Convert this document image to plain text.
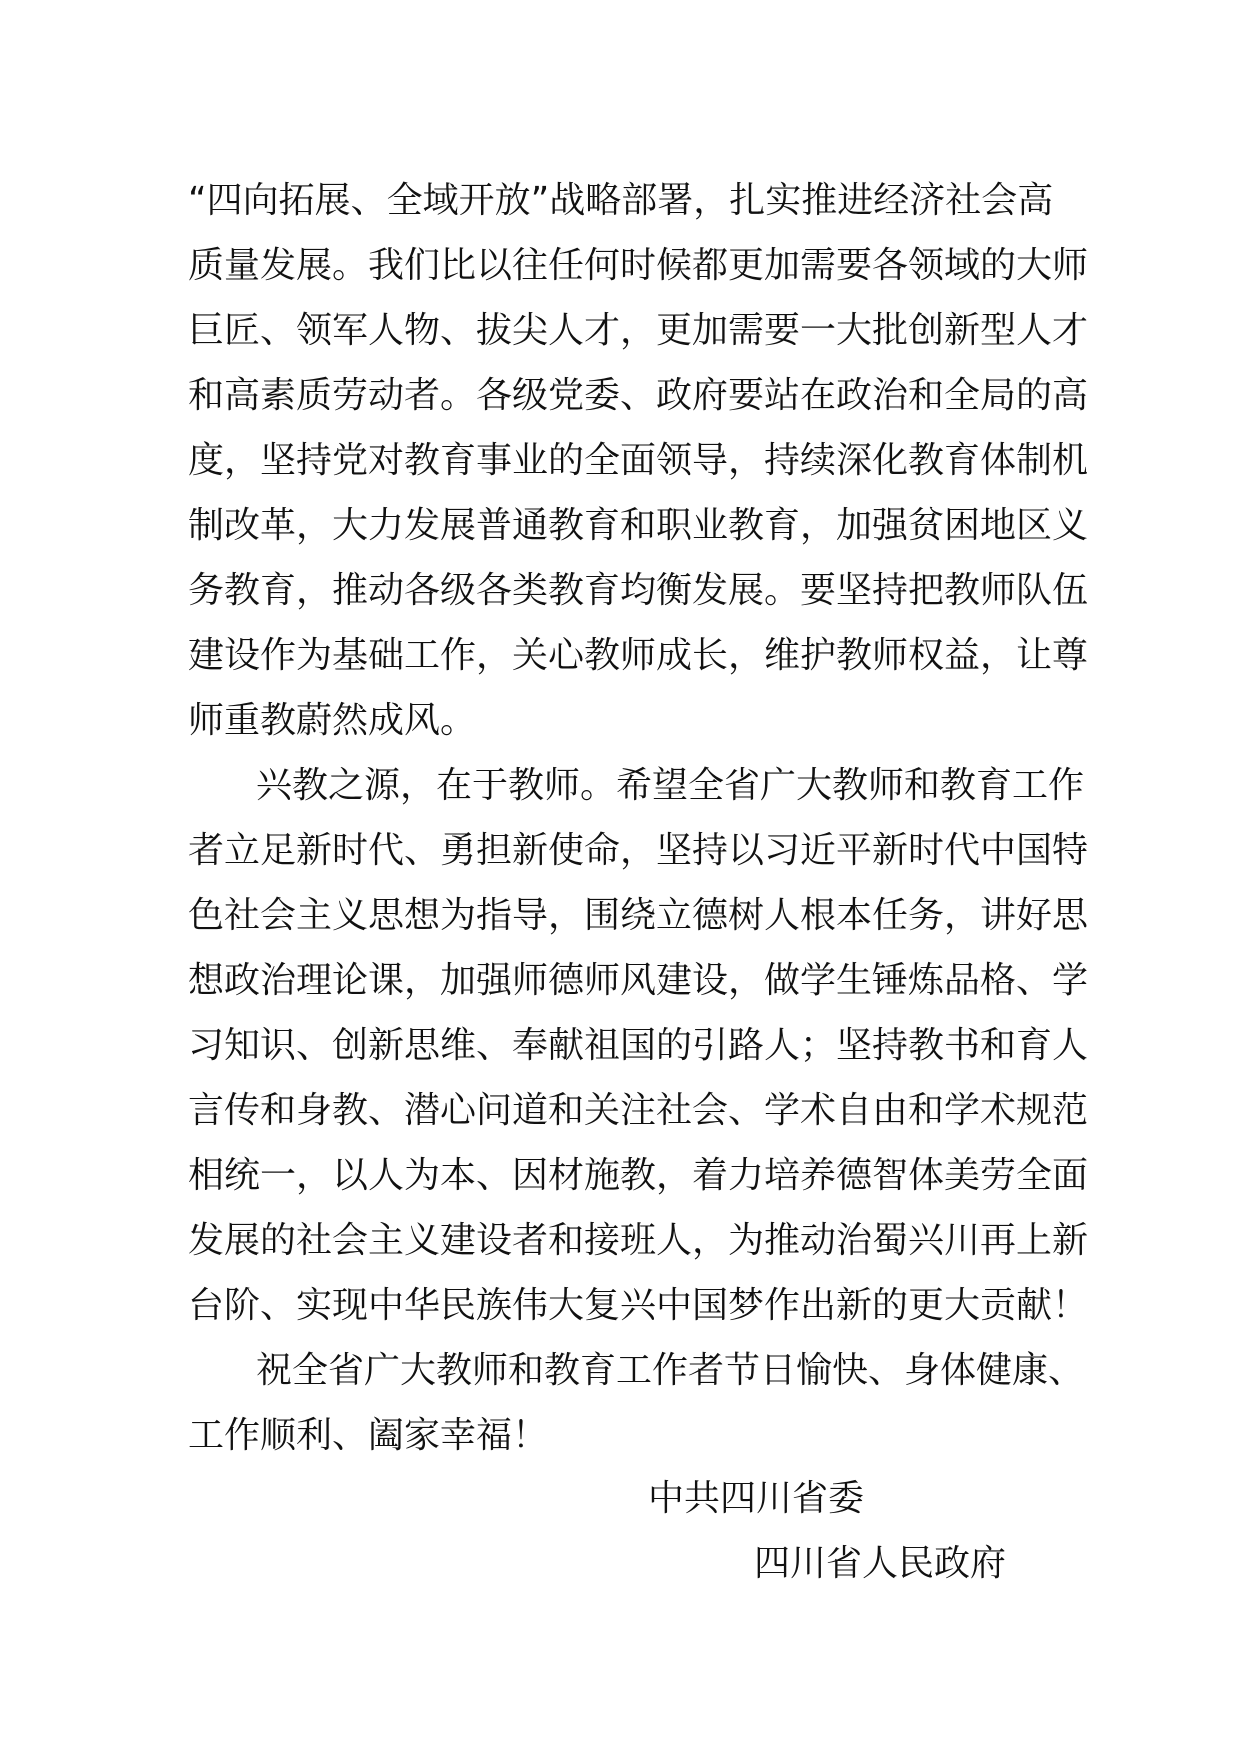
“四向拓展、全域开放”战略部署，扎实推进经济社会高
质量发展。我们比以往任何时候都更加需要各领域的大师
巨匠、领军人物、拔尖人才，更加需要一大批创新型人才
和高素质劳动者。各级党委、政府要站在政治和全局的高
度，坚持党对教育事业的全面领导，持续深化教育体制机
制改革，大力发展普通教育和职业教育，加强贫困地区义
务教育，推动各级各类教育均衡发展。要坚持把教师队伍
建设作为基础工作，关心教师成长，维护教师权益，让尊
师重教蔚然成风。
兴教之源，在于教师。希望全省广大教师和教育工作
者立足新时代、勇担新使命，坚持以习近平新时代中国特
色社会主义思想为指导，围绕立德树人根本任务，讲好思
想政治理论课，加强师德师风建设，做学生锤炼品格、学
习知识、创新思维、奉献祖国的引路人；坚持教书和育人
言传和身教、潜心问道和关注社会、学术自由和学术规范
相统一，以人为本、因材施教，着力培养德智体美劳全面
发展的社会主义建设者和接班人，为推动治蜀兴川再上新
台阶、实现中华民族伟大复兴中国梦作出新的更大贡献！
祝全省广大教师和教育工作者节日愉快、身体健康、
工作顺利、阖家幸福！
中共四川省委
四川省人民政府
